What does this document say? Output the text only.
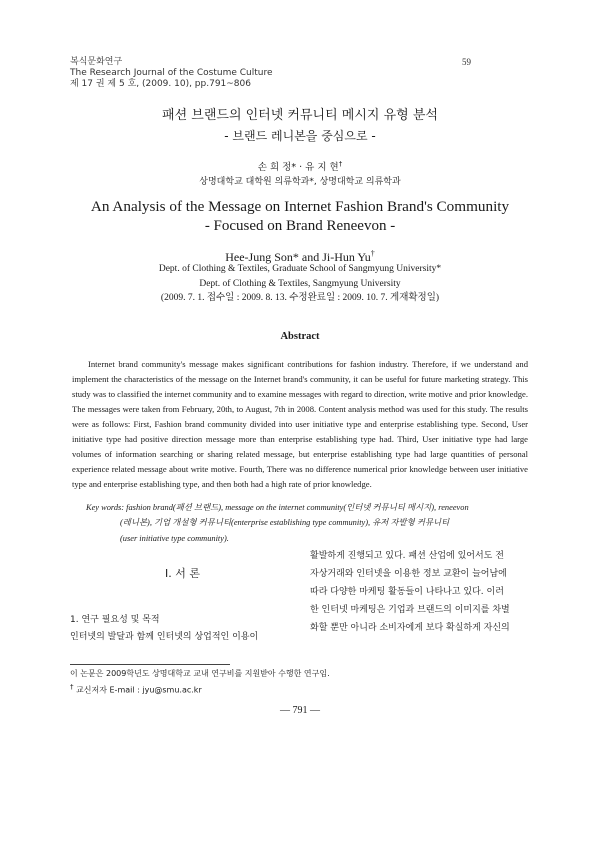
복식문화연구
The Research Journal of the Costume Culture
제 17 권 제 5 호, (2009. 10), pp.791~806
59
패션 브랜드의 인터넷 커뮤니티 메시지 유형 분석
- 브랜드 레니본을 중심으로 -
손 희 정* · 유 지 현†
상명대학교 대학원 의류학과*, 상명대학교 의류학과
An Analysis of the Message on Internet Fashion Brand's Community
- Focused on Brand Reneevon -
Hee-Jung Son* and Ji-Hun Yu†
Dept. of Clothing & Textiles, Graduate School of Sangmyung University*
Dept. of Clothing & Textiles, Sangmyung University
(2009. 7. 1. 접수일 : 2009. 8. 13. 수정완료일 : 2009. 10. 7. 게재확정일)
Abstract
Internet brand community's message makes significant contributions for fashion industry. Therefore, if we understand and implement the characteristics of the message on the Internet brand's community, it can be useful for future marketing strategy. This study was to classified the internet community and to examine messages with regard to direction, write motive and prior knowledge. The messages were taken from February, 20th, to August, 7th in 2008. Content analysis method was used for this study. The results were as follows: First, Fashion brand community divided into user initiative type and enterprise establishing type. Second, User initiative type had positive direction message more than enterprise establishing type had. Third, User initiative type had large volumes of information searching or sharing related message, but enterprise establishing type had large quantities of personal experience related message about write motive. Fourth, There was no difference numerical prior knowledge between user initiative type and enterprise establishing type, and then both had a high rate of prior knowledge.
Key words: fashion brand(패션 브랜드), message on the internet community(인터넷 커뮤니티 메시지), reneevon
(레니본), 기업 개설형 커뮤니티(enterprise establishing type community), 유저 자발형 커뮤니티
(user initiative type community).
Ⅰ. 서 론
1. 연구 필요성 및 목적
인터넷의 발달과 함께 인터넷의 상업적인 이용이
활발하게 진행되고 있다. 패션 산업에 있어서도 전
자상거래와 인터넷을 이용한 정보 교환이 늘어남에
따라 다양한 마케팅 활동들이 나타나고 있다. 이러
한 인터넷 마케팅은 기업과 브랜드의 이미지를 차별
화할 뿐만 아니라 소비자에게 보다 확실하게 자신의
이 논문은 2009학년도 상명대학교 교내 연구비를 지원받아 수행한 연구임.
† 교신저자 E-mail : jyu@smu.ac.kr
― 791 ―
